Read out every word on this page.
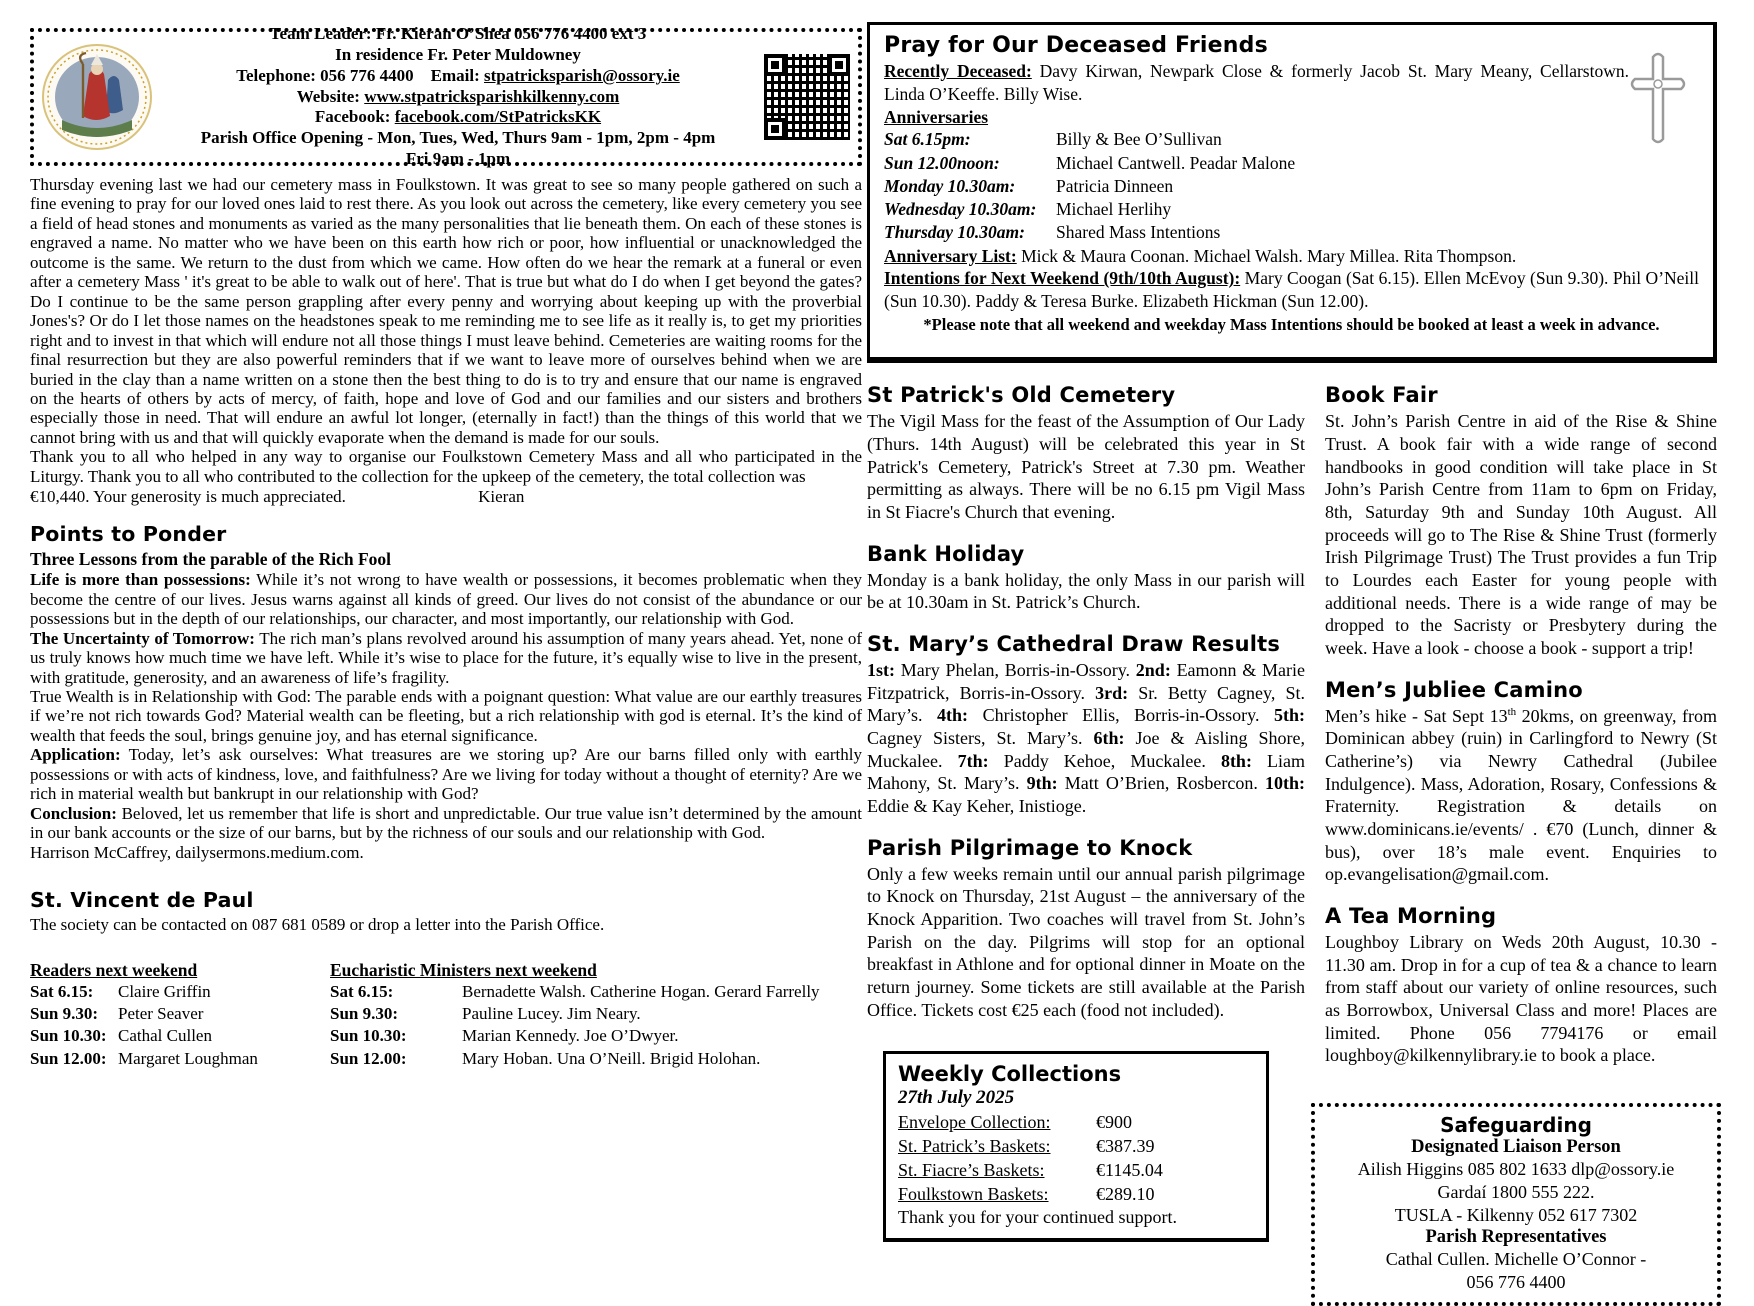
Team Leader: Fr. Kieran O’Shea 056 776 4400 ext 3
In residence Fr. Peter Muldowney
Telephone: 056 776 4400 Email: stpatricksparish@ossory.ie
Website: www.stpatricksparishkilkenny.com
Facebook: facebook.com/StPatricksKK
Parish Office Opening - Mon, Tues, Wed, Thurs 9am - 1pm, 2pm - 4pm
Fri 9am - 1pm

Thursday evening last we had our cemetery mass in Foulkstown. It was great to see so many people gathered on such a fine evening to pray for our loved ones laid to rest there. As you look out across the cemetery, like every cemetery you see a field of head stones and monuments as varied as the many personalities that lie beneath them. On each of these stones is engraved a name. No matter who we have been on this earth how rich or poor, how influential or unacknowledged the outcome is the same. We return to the dust from which we came. How often do we hear the remark at a funeral or even after a cemetery Mass ' it's great to be able to walk out of here'. That is true but what do I do when I get beyond the gates? Do I continue to be the same person grappling after every penny and worrying about keeping up with the proverbial Jones's? Or do I let those names on the headstones speak to me reminding me to see life as it really is, to get my priorities right and to invest in that which will endure not all those things I must leave behind. Cemeteries are waiting rooms for the final resurrection but they are also powerful reminders that if we want to leave more of ourselves behind when we are buried in the clay than a name written on a stone then the best thing to do is to try and ensure that our name is engraved on the hearts of others by acts of mercy, of faith, hope and love of God and our families and our sisters and brothers especially those in need. That will endure an awful lot longer, (eternally in fact!) than the things of this world that we cannot bring with us and that will quickly evaporate when the demand is made for our souls.

Thank you to all who helped in any way to organise our Foulkstown Cemetery Mass and all who participated in the Liturgy. Thank you to all who contributed to the collection for the upkeep of the cemetery, the total collection was

€10,440. Your generosity is much appreciated.	Kieran
Points to Ponder

Three Lessons from the parable of the Rich Fool

Life is more than possessions: While it’s not wrong to have wealth or possessions, it becomes problematic when they become the centre of our lives. Jesus warns against all kinds of greed. Our lives do not consist of the abundance or our possessions but in the depth of our relationships, our character, and most importantly, our relationship with God.

The Uncertainty of Tomorrow: The rich man’s plans revolved around his assumption of many years ahead. Yet, none of us truly knows how much time we have left. While it’s wise to place for the future, it’s equally wise to live in the present, with gratitude, generosity, and an awareness of life’s fragility.

True Wealth is in Relationship with God: The parable ends with a poignant question: What value are our earthly treasures if we’re not rich towards God? Material wealth can be fleeting, but a rich relationship with god is eternal. It’s the kind of wealth that feeds the soul, brings genuine joy, and has eternal significance.

Application: Today, let’s ask ourselves: What treasures are we storing up? Are our barns filled only with earthly possessions or with acts of kindness, love, and faithfulness? Are we living for today without a thought of eternity? Are we rich in material wealth but bankrupt in our relationship with God?

Conclusion: Beloved, let us remember that life is short and unpredictable. Our true value isn’t determined by the amount in our bank accounts or the size of our barns, but by the richness of our souls and our relationship with God.

Harrison McCaffrey, dailysermons.medium.com.

St. Vincent de Paul

The society can be contacted on 087 681 0589 or drop a letter into the Parish Office.

Readers next weekend
Sat 6.15:	Claire Griffin
Sun 9.30:	Peter Seaver
Sun 10.30: Cathal Cullen
Sun 12.00: Margaret Loughman
Eucharistic Ministers next weekend
Sat 6.15:	Bernadette Walsh. Catherine Hogan. Gerard Farrelly
Sun 9.30:	Pauline Lucey. Jim Neary.
Sun 10.30:	Marian Kennedy. Joe O’Dwyer.
Sun 12.00:	Mary Hoban. Una O’Neill. Brigid Holohan.
Pray for Our Deceased Friends

Recently Deceased: Davy Kirwan, Newpark Close & formerly Jacob St. Mary Meany, Cellarstown. Linda O’Keeffe. Billy Wise.

Anniversaries

Sat 6.15pm:	Billy & Bee O’Sullivan
Sun 12.00noon:	Michael Cantwell. Peadar Malone
Monday 10.30am:	Patricia Dinneen
Wednesday 10.30am:	Michael Herlihy
Thursday 10.30am:	Shared Mass Intentions

Anniversary List: Mick & Maura Coonan. Michael Walsh. Mary Millea. Rita Thompson.

Intentions for Next Weekend (9th/10th August): Mary Coogan (Sat 6.15). Ellen McEvoy (Sun 9.30). Phil O’Neill (Sun 10.30). Paddy & Teresa Burke. Elizabeth Hickman (Sun 12.00).

*Please note that all weekend and weekday Mass Intentions should be booked at least a week in advance.

St Patrick's Old Cemetery

The Vigil Mass for the feast of the Assumption of Our Lady (Thurs. 14th August) will be celebrated this year in St Patrick's Cemetery, Patrick's Street at 7.30 pm. Weather permitting as always. There will be no 6.15 pm Vigil Mass in St Fiacre's Church that evening.

Bank Holiday

Monday is a bank holiday, the only Mass in our parish will be at 10.30am in St. Patrick’s Church.

St. Mary’s Cathedral Draw Results

1st: Mary Phelan, Borris-in-Ossory. 2nd: Eamonn & Marie Fitzpatrick, Borris-in-Ossory. 3rd: Sr. Betty Cagney, St. Mary’s. 4th: Christopher Ellis, Borris-in-Ossory. 5th: Cagney Sisters, St. Mary’s. 6th: Joe & Aisling Shore, Muckalee. 7th: Paddy Kehoe, Muckalee. 8th: Liam Mahony, St. Mary’s. 9th: Matt O’Brien, Rosbercon. 10th: Eddie & Kay Keher, Inistioge.

Parish Pilgrimage to Knock

Only a few weeks remain until our annual parish pilgrimage to Knock on Thursday, 21st August – the anniversary of the Knock Apparition. Two coaches will travel from St. John’s Parish on the day. Pilgrims will stop for an optional breakfast in Athlone and for optional dinner in Moate on the return journey. Some tickets are still available at the Parish Office. Tickets cost €25 each (food not included).

Weekly Collections
27th July 2025
Envelope Collection:	€900
St. Patrick’s Baskets:	€387.39
St. Fiacre’s Baskets:	€1145.04
Foulkstown Baskets:	€289.10
Thank you for your continued support.
Book Fair

St. John’s Parish Centre in aid of the Rise & Shine Trust. A book fair with a wide range of second handbooks in good condition will take place in St John’s Parish Centre from 11am to 6pm on Friday, 8th, Saturday 9th and Sunday 10th August. All proceeds will go to The Rise & Shine Trust (formerly Irish Pilgrimage Trust) The Trust provides a fun Trip to Lourdes each Easter for young people with additional needs. There is a wide range of may be dropped to the Sacristy or Presbytery during the week. Have a look - choose a book - support a trip!

Men’s Jubliee Camino

Men’s hike - Sat Sept 13th 20kms, on greenway, from Dominican abbey (ruin) in Carlingford to Newry (St Catherine’s) via Newry Cathedral (Jubilee Indulgence). Mass, Adoration, Rosary, Confessions & Fraternity. Registration & details on www.dominicans.ie/events/ . €70 (Lunch, dinner & bus), over 18’s male event. Enquiries to op.evangelisation@gmail.com.

A Tea Morning

Loughboy Library on Weds 20th August, 10.30 - 11.30 am. Drop in for a cup of tea & a chance to learn from staff about our variety of online resources, such as Borrowbox, Universal Class and more! Places are limited. Phone 056 7794176 or email loughboy@kilkennylibrary.ie to book a place.

Safeguarding
Designated Liaison Person
Ailish Higgins 085 802 1633 dlp@ossory.ie
Gardaí 1800 555 222.
TUSLA - Kilkenny 052 617 7302
Parish Representatives
Cathal Cullen. Michelle O’Connor -
056 776 4400
